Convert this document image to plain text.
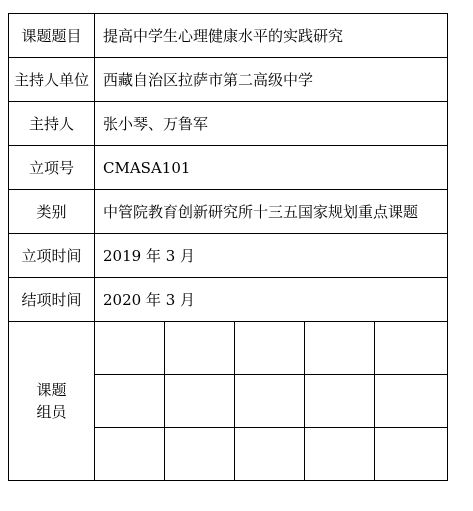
课题题目	提高中学生心理健康水平的实践研究				
主持人单位	西藏自治区拉萨市第二高级中学				
主持人	张小琴、万鲁军				
立项号	CMASA101				
类别	中管院教育创新研究所十三五国家规划重点课题				
立项时间	2019 年 3 月				
结项时间	2020 年 3 月				
课题
组员					
